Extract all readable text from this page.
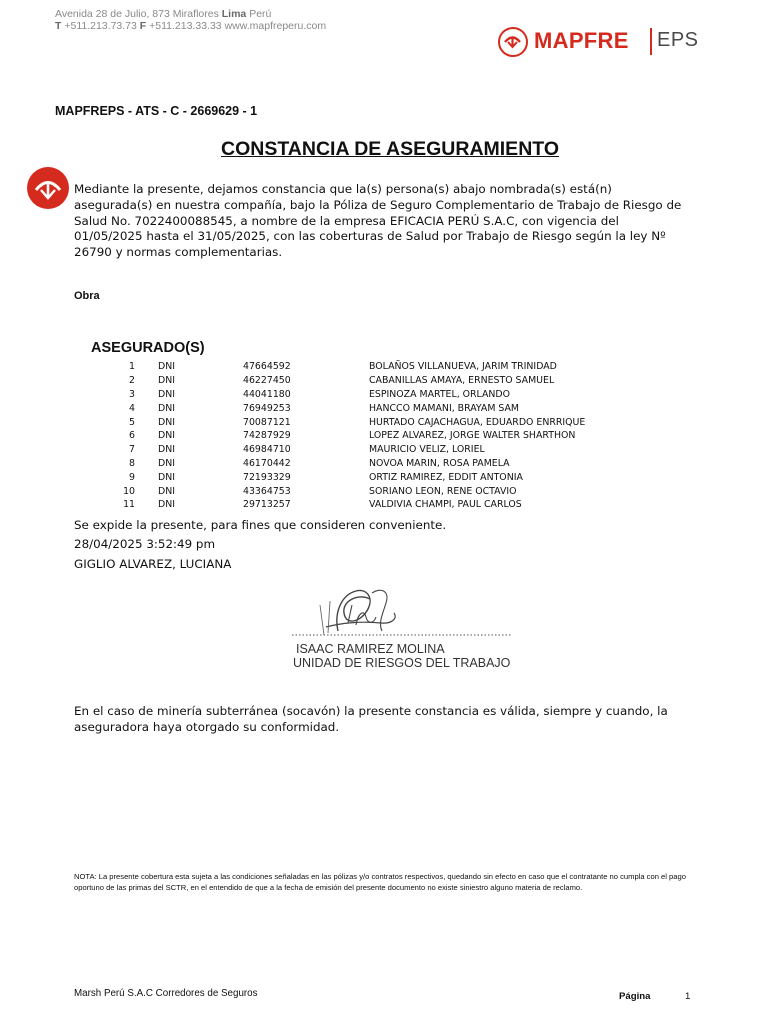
Avenida 28 de Julio, 873 Miraflores Lima Perú
T +511.213.73.73 F +511.213.33.33 www.mapfreperu.com
MAPFRE EPS
MAPFREPS - ATS - C - 2669629 - 1
CONSTANCIA DE ASEGURAMIENTO
Mediante la presente, dejamos constancia que la(s) persona(s) abajo nombrada(s) está(n) asegurada(s) en nuestra compañía, bajo la Póliza de Seguro Complementario de Trabajo de Riesgo de Salud No. 7022400088545, a nombre de la empresa EFICACIA PERÚ S.A.C, con vigencia del 01/05/2025 hasta el 31/05/2025, con las coberturas de Salud por Trabajo de Riesgo según la ley Nº 26790 y normas complementarias.
Obra
ASEGURADO(S)
1	DNI	47664592	BOLAÑOS VILLANUEVA, JARIM TRINIDAD
2	DNI	46227450	CABANILLAS AMAYA, ERNESTO SAMUEL
3	DNI	44041180	ESPINOZA MARTEL, ORLANDO
4	DNI	76949253	HANCCO MAMANI, BRAYAM SAM
5	DNI	70087121	HURTADO CAJACHAGUA, EDUARDO ENRRIQUE
6	DNI	74287929	LOPEZ ALVAREZ, JORGE WALTER SHARTHON
7	DNI	46984710	MAURICIO VELIZ, LORIEL
8	DNI	46170442	NOVOA MARIN, ROSA PAMELA
9	DNI	72193329	ORTIZ RAMIREZ, EDDIT ANTONIA
10	DNI	43364753	SORIANO LEON, RENE OCTAVIO
11	DNI	29713257	VALDIVIA CHAMPI, PAUL CARLOS
Se expide la presente, para fines que consideren conveniente.
28/04/2025 3:52:49 pm
GIGLIO ALVAREZ, LUCIANA
ISAAC RAMIREZ MOLINA
UNIDAD DE RIESGOS DEL TRABAJO
En el caso de minería subterránea (socavón) la presente constancia es válida, siempre y cuando, la aseguradora haya otorgado su conformidad.
NOTA: La presente cobertura esta sujeta a las condiciones señaladas en las pólizas y/o contratos respectivos, quedando sin efecto en caso que el contratante no cumpla con el pago oportuno de las primas del SCTR, en el entendido de que a la fecha de emisión del presente documento no existe siniestro alguno materia de reclamo.
Marsh Perú S.A.C Corredores de Seguros	Página	1
